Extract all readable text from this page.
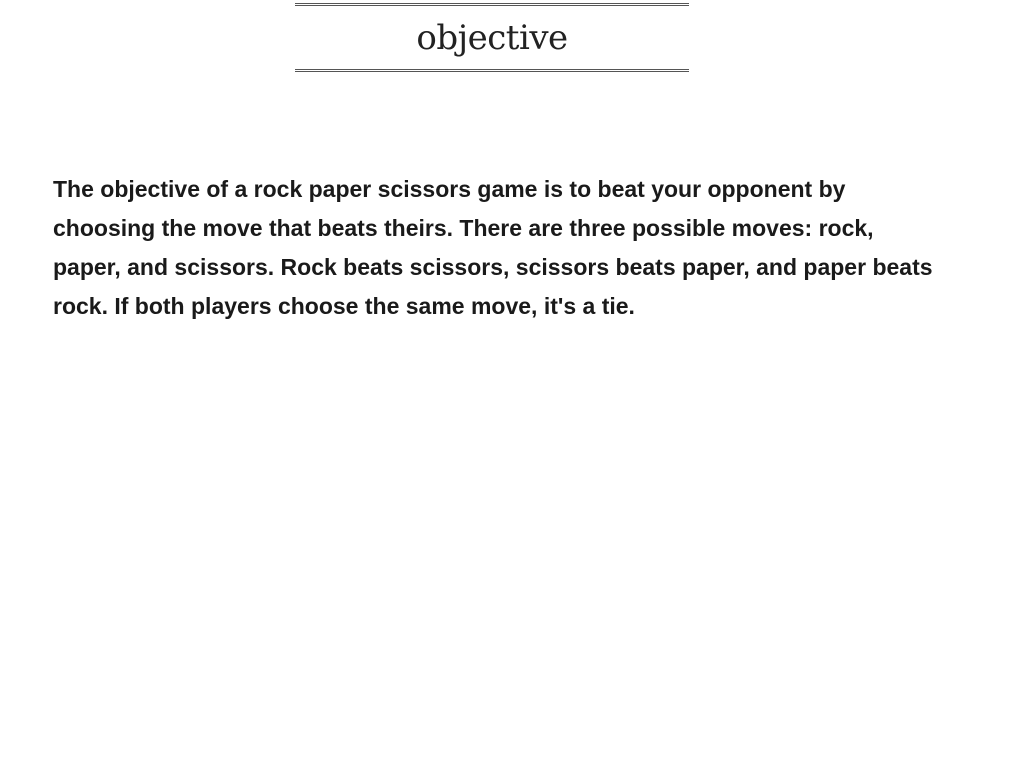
objective

The objective of a rock paper scissors game is to beat your opponent by choosing the move that beats theirs. There are three possible moves: rock, paper, and scissors. Rock beats scissors, scissors beats paper, and paper beats rock. If both players choose the same move, it's a tie.
